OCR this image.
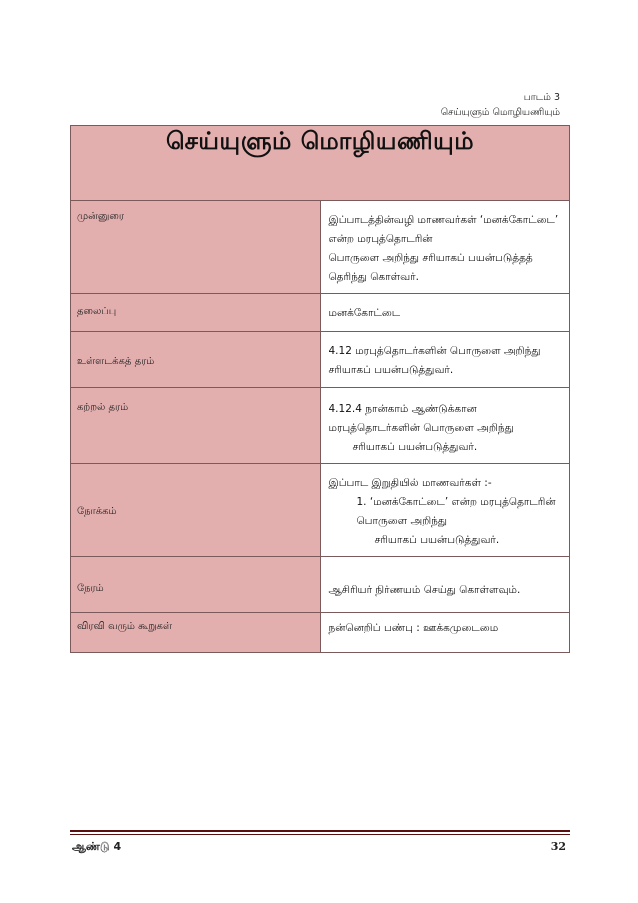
பாடம் 3
செய்யுளும் மொழியணியும்
செய்யுளும் மொழியணியும்	
முன்னுரை	இப்பாடத்தின்வழி மாணவர்கள் ‘மனக்கோட்டை’ என்ற மரபுத்தொடரின்
பொருளை அறிந்து சரியாகப் பயன்படுத்தத் தெரிந்து கொள்வர்.

தலைப்பு	மனக்கோட்டை

உள்ளடக்கத் தரம்	4.12 மரபுத்தொடர்களின் பொருளை அறிந்து சரியாகப் பயன்படுத்துவர்.

கற்றல் தரம்	4.12.4 நான்காம் ஆண்டுக்கான மரபுத்தொடர்களின் பொருளை அறிந்து
சரியாகப் பயன்படுத்துவர்.

நோக்கம்	இப்பாட இறுதியில் மாணவர்கள் :-
1. ‘மனக்கோட்டை’ என்ற மரபுத்தொடரின் பொருளை அறிந்து
சரியாகப் பயன்படுத்துவர்.

நேரம்	ஆசிரியர் நிர்ணயம் செய்து கொள்ளவும்.

விரவி வரும் கூறுகள்	நன்னெறிப் பண்பு : ஊக்கமுடைமை
ஆண்டு 4	32
